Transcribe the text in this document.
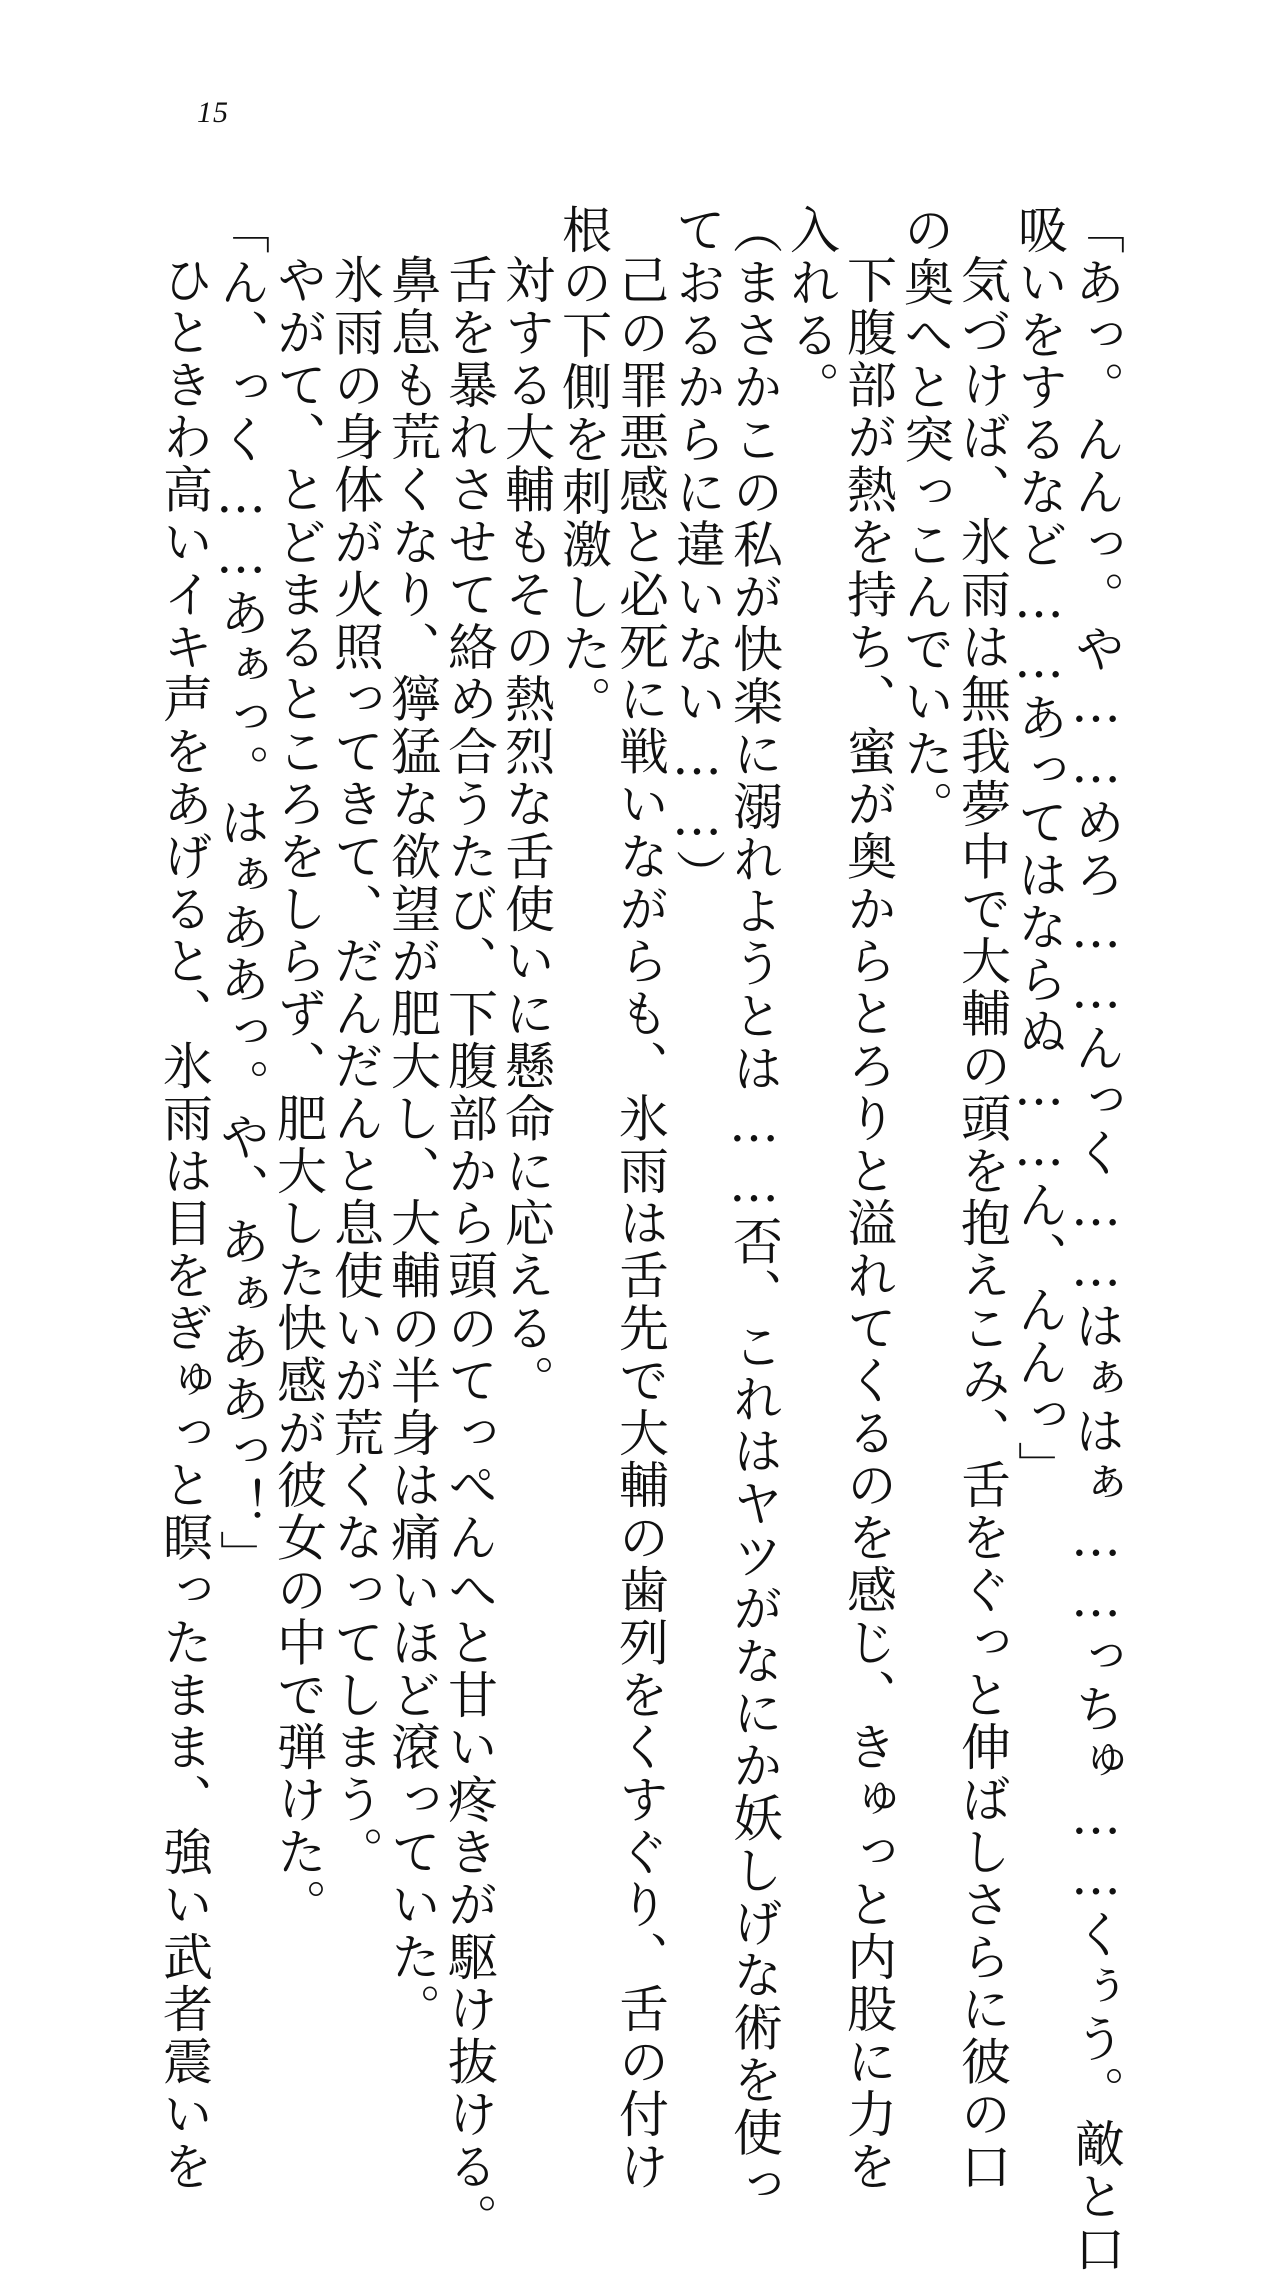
15
「あっ。んんっ。や……めろ……んっく……はぁはぁ……っちゅ……くぅう。敵と口
吸いをするなど……あってはならぬ……ん、んんっ」
気づけば、氷雨は無我夢中で大輔の頭を抱えこみ、舌をぐっと伸ばしさらに彼の口
の奥へと突っこんでいた。
下腹部が熱を持ち、蜜が奥からとろりと溢れてくるのを感じ、きゅっと内股に力を
入れる。
（まさかこの私が快楽に溺れようとは……否、これはヤツがなにか妖しげな術を使っ
ておるからに違いない……）
己の罪悪感と必死に戦いながらも、氷雨は舌先で大輔の歯列をくすぐり、舌の付け
根の下側を刺激した。
対する大輔もその熱烈な舌使いに懸命に応える。
舌を暴れさせて絡め合うたび、下腹部から頭のてっぺんへと甘い疼きが駆け抜ける。
鼻息も荒くなり、獰猛な欲望が肥大し、大輔の半身は痛いほど滾っていた。
氷雨の身体が火照ってきて、だんだんと息使いが荒くなってしまう。
やがて、とどまるところをしらず、肥大した快感が彼女の中で弾けた。
「ん、っく……あぁっ。はぁああっ。や、あぁああっ！」
ひときわ高いイキ声をあげると、氷雨は目をぎゅっと瞑ったまま、強い武者震いを
